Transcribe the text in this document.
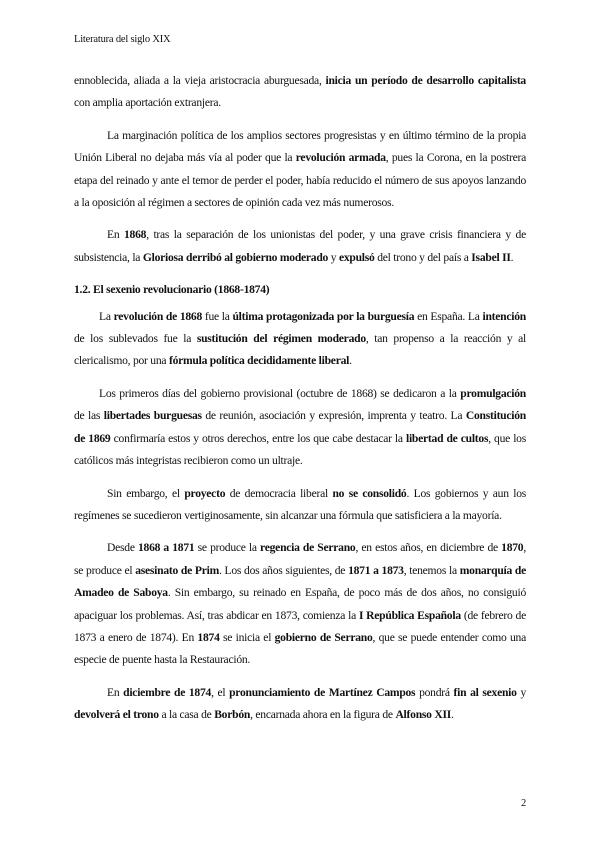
Literatura del siglo XIX

ennoblecida, aliada a la vieja aristocracia aburguesada, inicia un período de desarrollo capitalista con amplia aportación extranjera.

La marginación política de los amplios sectores progresistas y en último término de la propia Unión Liberal no dejaba más vía al poder que la revolución armada, pues la Corona, en la postrera etapa del reinado y ante el temor de perder el poder, había reducido el número de sus apoyos lanzando a la oposición al régimen a sectores de opinión cada vez más numerosos.

En 1868, tras la separación de los unionistas del poder, y una grave crisis financiera y de subsistencia, la Gloriosa derribó al gobierno moderado y expulsó del trono y del país a Isabel II.

1.2. El sexenio revolucionario (1868-1874)

La revolución de 1868 fue la última protagonizada por la burguesía en España. La intención de los sublevados fue la sustitución del régimen moderado, tan propenso a la reacción y al clericalismo, por una fórmula política decididamente liberal.

Los primeros días del gobierno provisional (octubre de 1868) se dedicaron a la promulgación de las libertades burguesas de reunión, asociación y expresión, imprenta y teatro. La Constitución de 1869 confirmaría estos y otros derechos, entre los que cabe destacar la libertad de cultos, que los católicos más integristas recibieron como un ultraje.

Sin embargo, el proyecto de democracia liberal no se consolidó. Los gobiernos y aun los regímenes se sucedieron vertiginosamente, sin alcanzar una fórmula que satisficiera a la mayoría.

Desde 1868 a 1871 se produce la regencia de Serrano, en estos años, en diciembre de 1870, se produce el asesinato de Prim. Los dos años siguientes, de 1871 a 1873, tenemos la monarquía de Amadeo de Saboya. Sin embargo, su reinado en España, de poco más de dos años, no consiguió apaciguar los problemas. Así, tras abdicar en 1873, comienza la I República Española (de febrero de 1873 a enero de 1874). En 1874 se inicia el gobierno de Serrano, que se puede entender como una especie de puente hasta la Restauración.

En diciembre de 1874, el pronunciamiento de Martínez Campos pondrá fin al sexenio y devolverá el trono a la casa de Borbón, encarnada ahora en la figura de Alfonso XII.

2
